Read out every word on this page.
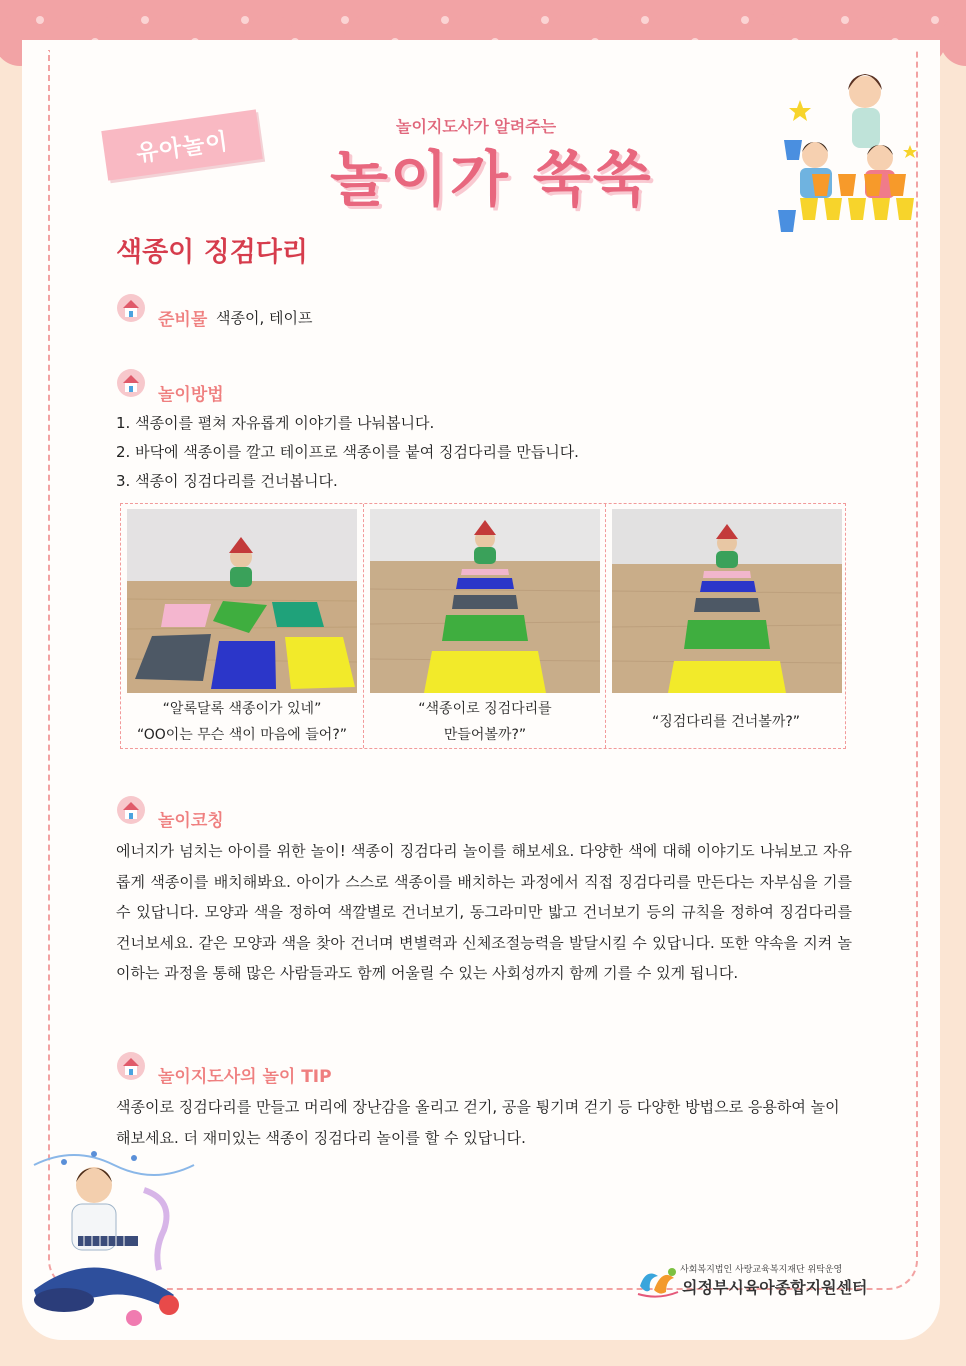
유아놀이
놀이지도사가 알려주는
놀이가 쑥쑥
색종이 징검다리
준비물 색종이, 테이프
놀이방법
1. 색종이를 펼쳐 자유롭게 이야기를 나눠봅니다.
2. 바닥에 색종이를 깔고 테이프로 색종이를 붙여 징검다리를 만듭니다.
3. 색종이 징검다리를 건너봅니다.
“알록달록 색종이가 있네”
“OO이는 무슨 색이 마음에 들어?”
“색종이로 징검다리를
만들어볼까?”
“징검다리를 건너볼까?”
놀이코칭
에너지가 넘치는 아이를 위한 놀이! 색종이 징검다리 놀이를 해보세요. 다양한 색에 대해 이야기도 나눠보고 자유롭게 색종이를 배치해봐요. 아이가 스스로 색종이를 배치하는 과정에서 직접 징검다리를 만든다는 자부심을 기를 수 있답니다. 모양과 색을 정하여 색깔별로 건너보기, 동그라미만 밟고 건너보기 등의 규칙을 정하여 징검다리를 건너보세요. 같은 모양과 색을 찾아 건너며 변별력과 신체조절능력을 발달시킬 수 있답니다. 또한 약속을 지켜 놀이하는 과정을 통해 많은 사람들과도 함께 어울릴 수 있는 사회성까지 함께 기를 수 있게 됩니다.
놀이지도사의 놀이 TIP
색종이로 징검다리를 만들고 머리에 장난감을 올리고 걷기, 공을 튕기며 걷기 등 다양한 방법으로 응용하여 놀이해보세요. 더 재미있는 색종이 징검다리 놀이를 할 수 있답니다.
사회복지법인 사랑교육복지재단 위탁운영
의정부시육아종합지원센터
